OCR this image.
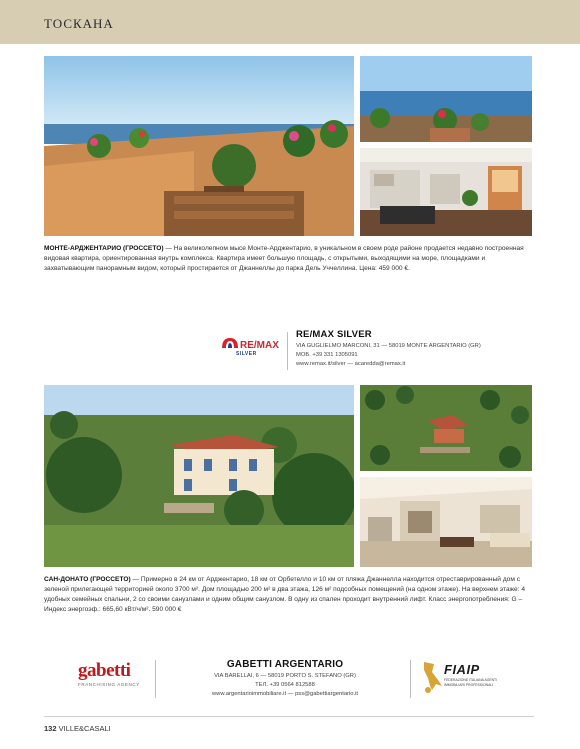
ТОСКАНА
МОНТЕ-АРДЖЕНТАРИО (ГРОССЕТО) — На великолепном мысе Монте-Арджентарио, в уникальном в своем роде районе продается недавно построенная видовая квартира, ориентированная внутрь комплекса. Квартира имеет большую площадь, с открытыми, выходящими на море, площадками и захватывающим панорамным видом, который простирается от Джаннеллы до парка Дель Уччеллина. Цена: 459 000 €.
RE/MAX
SILVER
RE/MAX SILVER
VIA GUGLIELMO MARCONI, 31 — 58019 MONTE ARGENTARIO (GR)
МОБ. +39 331 1305091
www.remax.it/silver — acaredda@remax.it
САН-ДОНАТО (ГРОССЕТО) — Примерно в 24 км от Арджентарио, 18 км от Орбетелло и 10 км от пляжа Джаннелла находится отреставрированный дом с зеленой прилегающей территорией около 3700 м². Дом площадью 200 м² в два этажа, 126 м² подсобных помещений (на одном этаже). На верхнем этаже: 4 удобных семейных спальни, 2 со своими санузлами и одним общим санузлом. В одну из спален проходит внутренний лифт. Класс энергопотребления: G – Индекс энергоэф.: 665,60 кВт/ч/м². 590 000 €
gabetti
FRANCHISING AGENCY
GABETTI ARGENTARIO
VIA BARELLAI, 6 — 58019 PORTO S. STEFANO (GR)
ТЕЛ. +39 0564 812588
www.argentarioimmobiliare.it — pss@gabettiargentario.it
FIAIP
FEDERAZIONE ITALIANA AGENTI IMMOBILIARI PROFESSIONALI
132 VILLE&CASALI
